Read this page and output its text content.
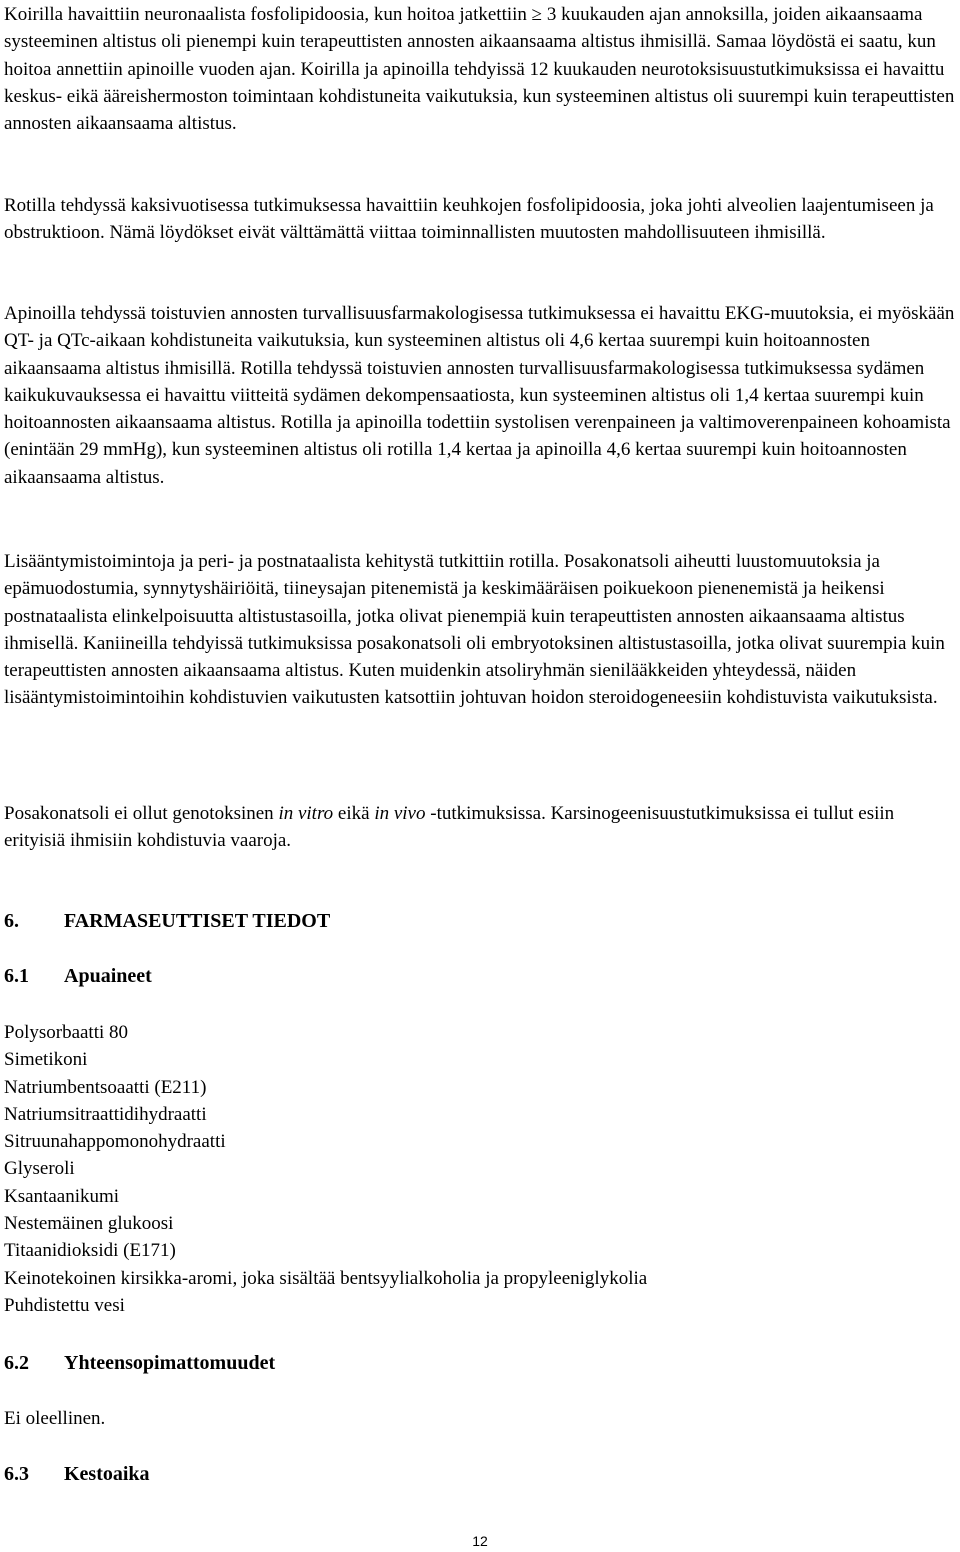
Koirilla havaittiin neuronaalista fosfolipidoosia, kun hoitoa jatkettiin ≥ 3 kuukauden ajan annoksilla, joiden aikaansaama systeeminen altistus oli pienempi kuin terapeuttisten annosten aikaansaama altistus ihmisillä. Samaa löydöstä ei saatu, kun hoitoa annettiin apinoille vuoden ajan. Koirilla ja apinoilla tehdyissä 12 kuukauden neurotoksisuustutkimuksissa ei havaittu keskus- eikä ääreishermoston toimintaan kohdistuneita vaikutuksia, kun systeeminen altistus oli suurempi kuin terapeuttisten annosten aikaansaama altistus.

Rotilla tehdyssä kaksivuotisessa tutkimuksessa havaittiin keuhkojen fosfolipidoosia, joka johti alveolien laajentumiseen ja obstruktioon. Nämä löydökset eivät välttämättä viittaa toiminnallisten muutosten mahdollisuuteen ihmisillä.

Apinoilla tehdyssä toistuvien annosten turvallisuusfarmakologisessa tutkimuksessa ei havaittu EKG-muutoksia, ei myöskään QT- ja QTc-aikaan kohdistuneita vaikutuksia, kun systeeminen altistus oli 4,6 kertaa suurempi kuin hoitoannosten aikaansaama altistus ihmisillä. Rotilla tehdyssä toistuvien annosten turvallisuusfarmakologisessa tutkimuksessa sydämen kaikukuvauksessa ei havaittu viitteitä sydämen dekompensaatiosta, kun systeeminen altistus oli 1,4 kertaa suurempi kuin hoitoannosten aikaansaama altistus. Rotilla ja apinoilla todettiin systolisen verenpaineen ja valtimoverenpaineen kohoamista (enintään 29 mmHg), kun systeeminen altistus oli rotilla 1,4 kertaa ja apinoilla 4,6 kertaa suurempi kuin hoitoannosten aikaansaama altistus.

Lisääntymistoimintoja ja peri- ja postnataalista kehitystä tutkittiin rotilla. Posakonatsoli aiheutti luustomuutoksia ja epämuodostumia, synnytyshäiriöitä, tiineysajan pitenemistä ja keskimääräisen poikuekoon pienenemistä ja heikensi postnataalista elinkelpoisuutta altistustasoilla, jotka olivat pienempiä kuin terapeuttisten annosten aikaansaama altistus ihmisellä. Kaniineilla tehdyissä tutkimuksissa posakonatsoli oli embryotoksinen altistustasoilla, jotka olivat suurempia kuin terapeuttisten annosten aikaansaama altistus. Kuten muidenkin atsoliryhmän sienilääkkeiden yhteydessä, näiden lisääntymistoimintoihin kohdistuvien vaikutusten katsottiin johtuvan hoidon steroidogeneesiin kohdistuvista vaikutuksista.

Posakonatsoli ei ollut genotoksinen in vitro eikä in vivo -tutkimuksissa. Karsinogeenisuustutkimuksissa ei tullut esiin erityisiä ihmisiin kohdistuvia vaaroja.

6. FARMASEUTTISET TIEDOT
6.1 Apuaineet
Polysorbaatti 80
Simetikoni
Natriumbentsoaatti (E211)
Natriumsitraattidihydraatti
Sitruunahappomonohydraatti
Glyseroli
Ksantaanikumi
Nestemäinen glukoosi
Titaanidioksidi (E171)
Keinotekoinen kirsikka-aromi, joka sisältää bentsyylialkoholia ja propyleeniglykolia
Puhdistettu vesi
6.2 Yhteensopimattomuudet

Ei oleellinen.

6.3 Kestoaika
12
